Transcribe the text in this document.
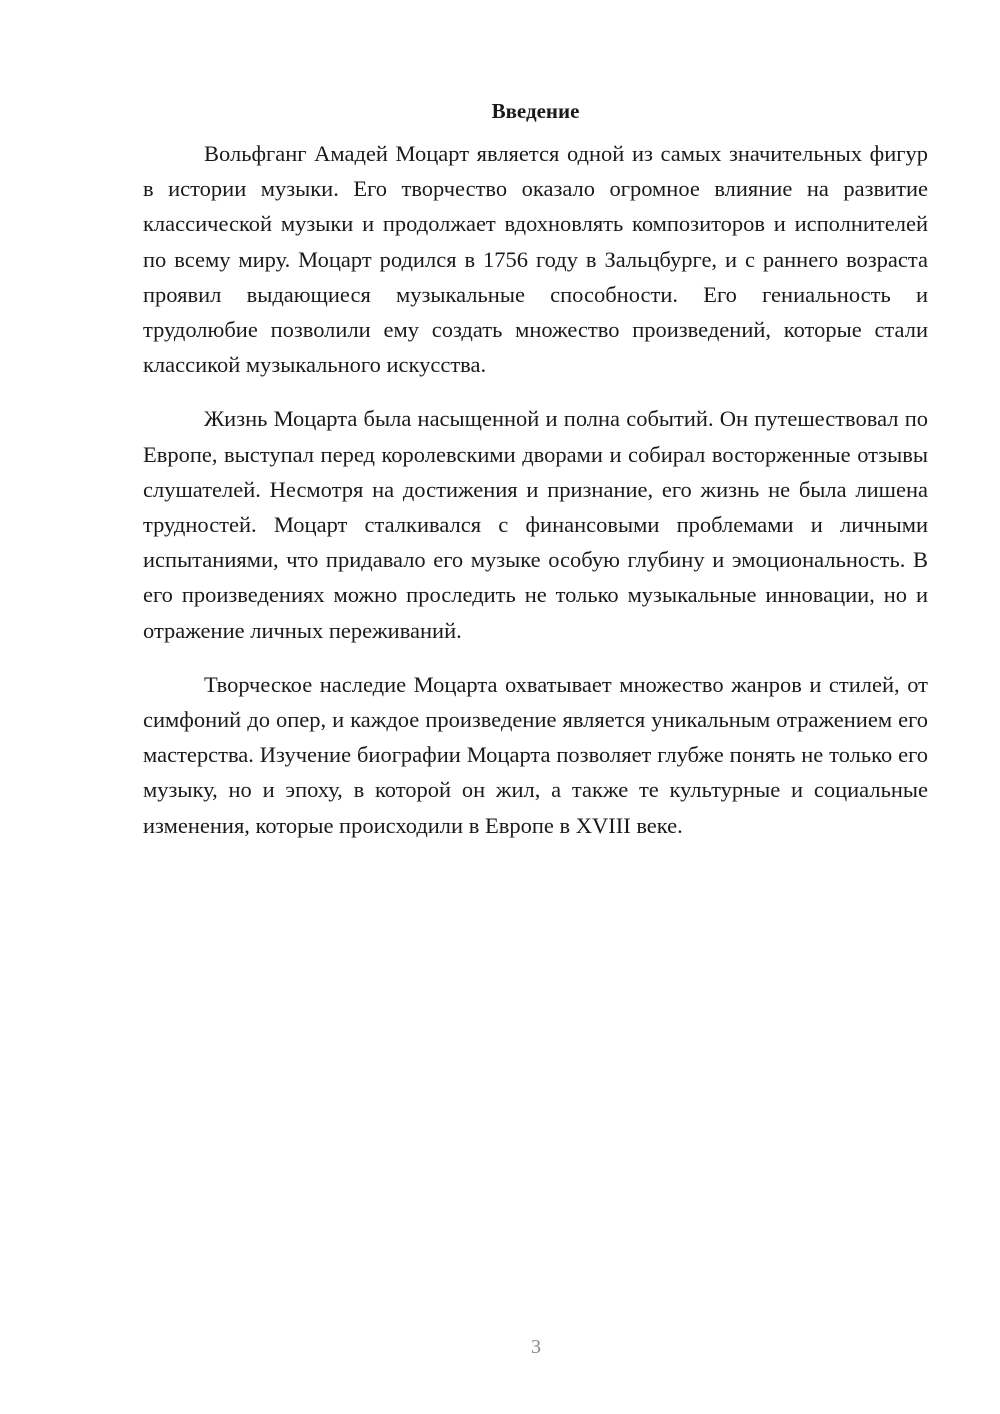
Введение

Вольфганг Амадей Моцарт является одной из самых значительных фигур в истории музыки. Его творчество оказало огромное влияние на развитие классической музыки и продолжает вдохновлять композиторов и исполнителей по всему миру. Моцарт родился в 1756 году в Зальцбурге, и с раннего возраста проявил выдающиеся музыкальные способности. Его гениальность и трудолюбие позволили ему создать множество произведений, которые стали классикой музыкального искусства.

Жизнь Моцарта была насыщенной и полна событий. Он путешествовал по Европе, выступал перед королевскими дворами и собирал восторженные отзывы слушателей. Несмотря на достижения и признание, его жизнь не была лишена трудностей. Моцарт сталкивался с финансовыми проблемами и личными испытаниями, что придавало его музыке особую глубину и эмоциональность. В его произведениях можно проследить не только музыкальные инновации, но и отражение личных переживаний.

Творческое наследие Моцарта охватывает множество жанров и стилей, от симфоний до опер, и каждое произведение является уникальным отражением его мастерства. Изучение биографии Моцарта позволяет глубже понять не только его музыку, но и эпоху, в которой он жил, а также те культурные и социальные изменения, которые происходили в Европе в XVIII веке.

3
